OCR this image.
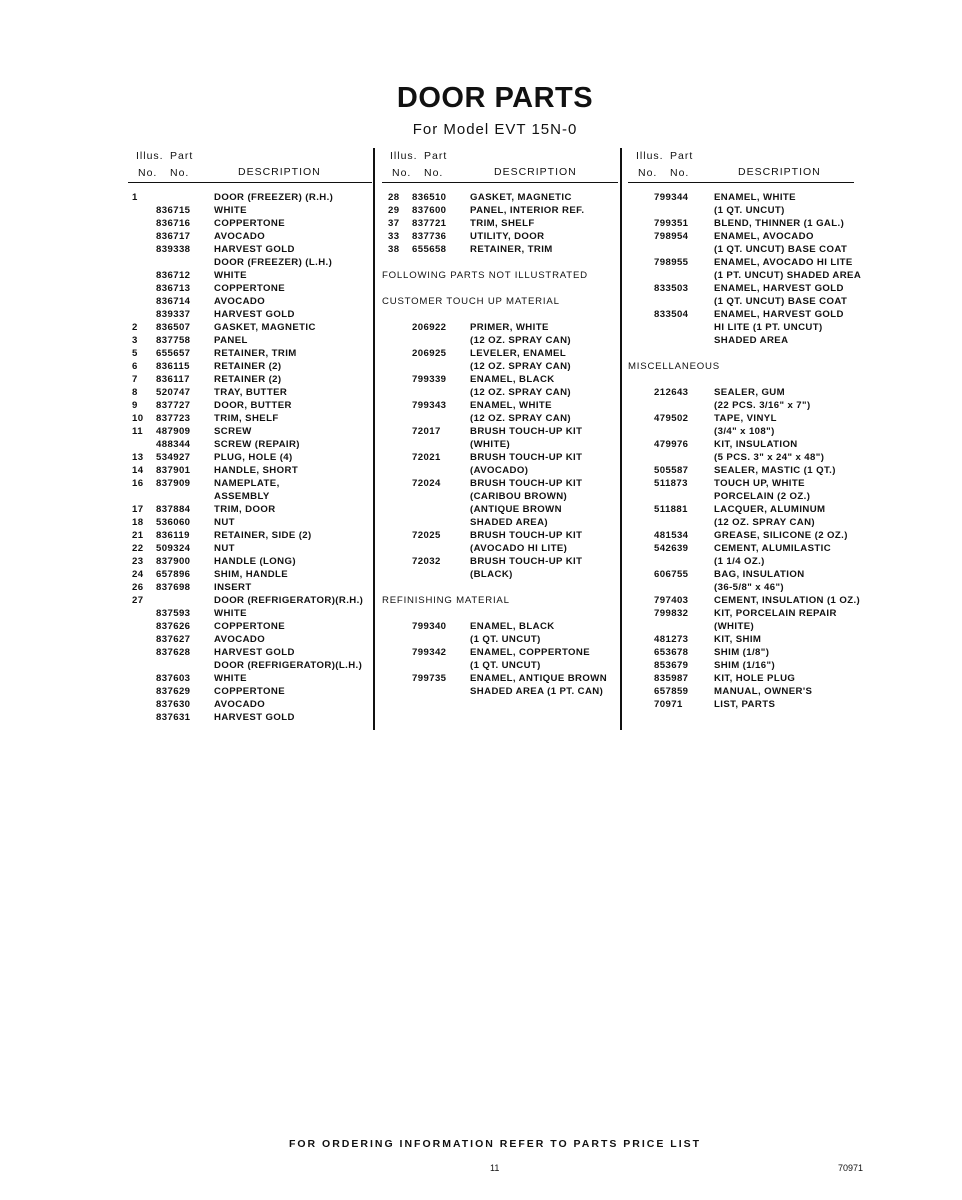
DOOR PARTS
For Model EVT 15N-0
Illus. Part
No. No.	DESCRIPTION
1	DOOR (FREEZER) (R.H.)
836715 WHITE
836716 COPPERTONE
836717 AVOCADO
839338 HARVEST GOLD
DOOR (FREEZER) (L.H.)
836712 WHITE
836713 COPPERTONE
836714 AVOCADO
839337 HARVEST GOLD
2 836507 GASKET, MAGNETIC
3 837758 PANEL
5 655657 RETAINER, TRIM
6 836115	RETAINER (2)
7 836117	RETAINER (2)
8 520747 TRAY, BUTTER
9 837727 DOOR, BUTTER
10 837723 TRIM, SHELF
11 487909 SCREW
488344 SCREW (REPAIR)
13 534927 PLUG, HOLE (4)
14 837901 HANDLE, SHORT
16 837909 NAMEPLATE,
ASSEMBLY
17 837884 TRIM, DOOR
18 536060 NUT
21 836119	RETAINER, SIDE (2)
22 509324 NUT
23 837900 HANDLE (LONG)
24 657896 SHIM, HANDLE
26 837698 INSERT
27	DOOR (REFRIGERATOR)(R.H.)
837593 WHITE
837626 COPPERTONE
837627 AVOCADO
837628 HARVEST GOLD
DOOR (REFRIGERATOR)(L.H.)
837603 WHITE
837629 COPPERTONE
837630 AVOCADO
837631 HARVEST GOLD
Illus. Part
No. No.	DESCRIPTION
28 836510 GASKET, MAGNETIC
29 837600 PANEL, INTERIOR REF.
37 837721 TRIM, SHELF
33 837736 UTILITY, DOOR
38 655658 RETAINER, TRIM
FOLLOWING PARTS NOT ILLUSTRATED
CUSTOMER TOUCH UP MATERIAL
206922 PRIMER, WHITE
(12 OZ. SPRAY CAN)
206925 LEVELER, ENAMEL
(12 OZ. SPRAY CAN)
799339 ENAMEL, BLACK
(12 OZ. SPRAY CAN)
799343 ENAMEL, WHITE
(12 OZ. SPRAY CAN)
72017	BRUSH TOUCH-UP KIT
(WHITE)
72021	BRUSH TOUCH-UP KIT
(AVOCADO)
72024	BRUSH TOUCH-UP KIT
(CARIBOU BROWN)
(ANTIQUE BROWN
SHADED AREA)
72025	BRUSH TOUCH-UP KIT
(AVOCADO HI LITE)
72032	BRUSH TOUCH-UP KIT
(BLACK)
REFINISHING MATERIAL
799340 ENAMEL, BLACK
(1 QT. UNCUT)
799342 ENAMEL, COPPERTONE
(1 QT. UNCUT)
799735 ENAMEL, ANTIQUE BROWN
SHADED AREA (1 PT. CAN)
Illus. Part
No. No.	DESCRIPTION
799344	ENAMEL, WHITE
(1 QT. UNCUT)
799351	BLEND, THINNER (1 GAL.)
798954	ENAMEL, AVOCADO
(1 QT. UNCUT) BASE COAT
798955	ENAMEL, AVOCADO HI LITE
(1 PT. UNCUT) SHADED AREA
833503	ENAMEL, HARVEST GOLD
(1 QT. UNCUT) BASE COAT
833504	ENAMEL, HARVEST GOLD
HI LITE (1 PT. UNCUT)
SHADED AREA
MISCELLANEOUS
212643	SEALER, GUM
(22 PCS. 3/16" x 7")
479502	TAPE, VINYL
(3/4" x 108")
479976	KIT, INSULATION
(5 PCS. 3" x 24" x 48")
505587	SEALER, MASTIC (1 QT.)
511873	TOUCH UP, WHITE
PORCELAIN (2 OZ.)
511881	LACQUER, ALUMINUM
(12 OZ. SPRAY CAN)
481534	GREASE, SILICONE (2 OZ.)
542639	CEMENT, ALUMILASTIC
(1 1/4 OZ.)
606755	BAG, INSULATION
(36-5/8" x 46")
797403	CEMENT, INSULATION (1 OZ.)
799832	KIT, PORCELAIN REPAIR
(WHITE)
481273	KIT, SHIM
653678	SHIM (1/8")
853679	SHIM (1/16")
835987	KIT, HOLE PLUG
657859	MANUAL, OWNER'S
70971	LIST, PARTS
FOR ORDERING INFORMATION REFER TO PARTS PRICE LIST
11	70971
